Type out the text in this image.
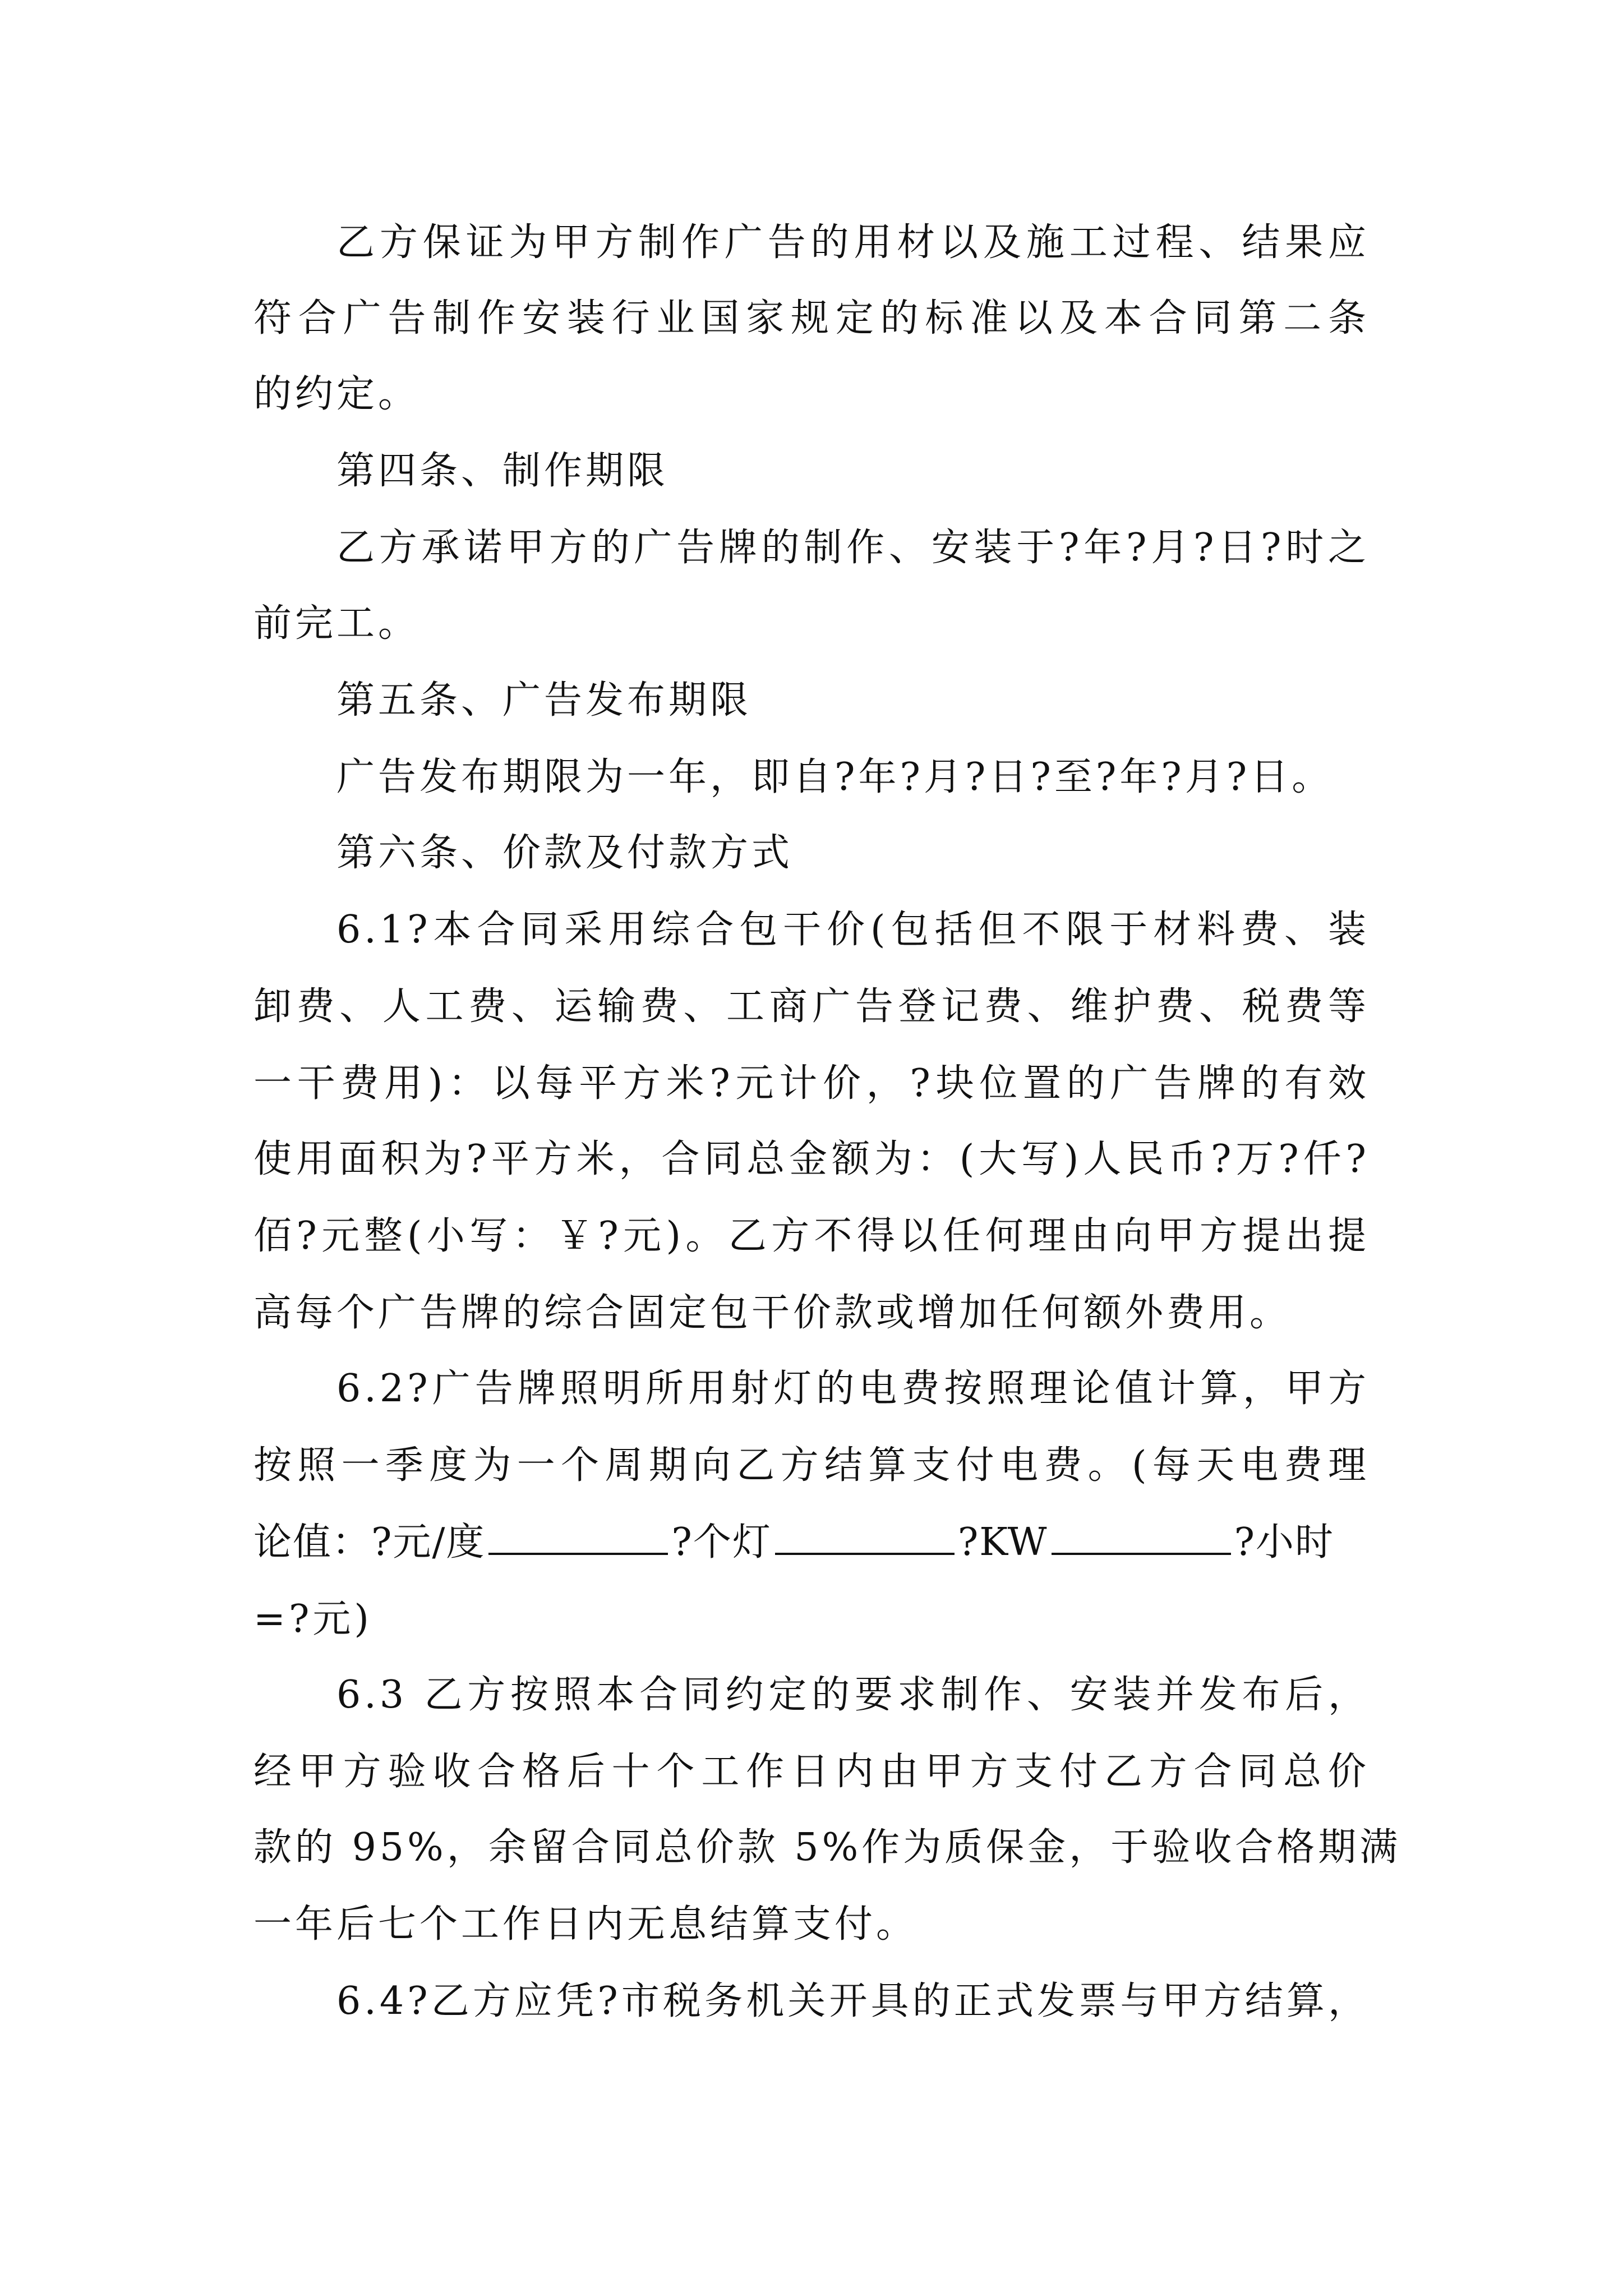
乙方保证为甲方制作广告的用材以及施工过程、结果应

符合广告制作安装行业国家规定的标准以及本合同第二条

的约定。

第四条、制作期限

乙方承诺甲方的广告牌的制作、安装于?年?月?日?时之

前完工。

第五条、广告发布期限

广告发布期限为一年，即自?年?月?日?至?年?月?日。

第六条、价款及付款方式

6.1?本合同采用综合包干价(包括但不限于材料费、装

卸费、人工费、运输费、工商广告登记费、维护费、税费等

一干费用)：以每平方米?元计价，?块位置的广告牌的有效

使用面积为?平方米，合同总金额为：(大写)人民币?万?仟?

佰?元整(小写：￥?元)。乙方不得以任何理由向甲方提出提

高每个广告牌的综合固定包干价款或增加任何额外费用。

6.2?广告牌照明所用射灯的电费按照理论值计算，甲方

按照一季度为一个周期向乙方结算支付电费。(每天电费理

论值：?元/度	?个灯	?KW	?小时

=?元)

6.3 乙方按照本合同约定的要求制作、安装并发布后，

经甲方验收合格后十个工作日内由甲方支付乙方合同总价

款的 95%，余留合同总价款 5%作为质保金，于验收合格期满

一年后七个工作日内无息结算支付。

6.4?乙方应凭?市税务机关开具的正式发票与甲方结算，
